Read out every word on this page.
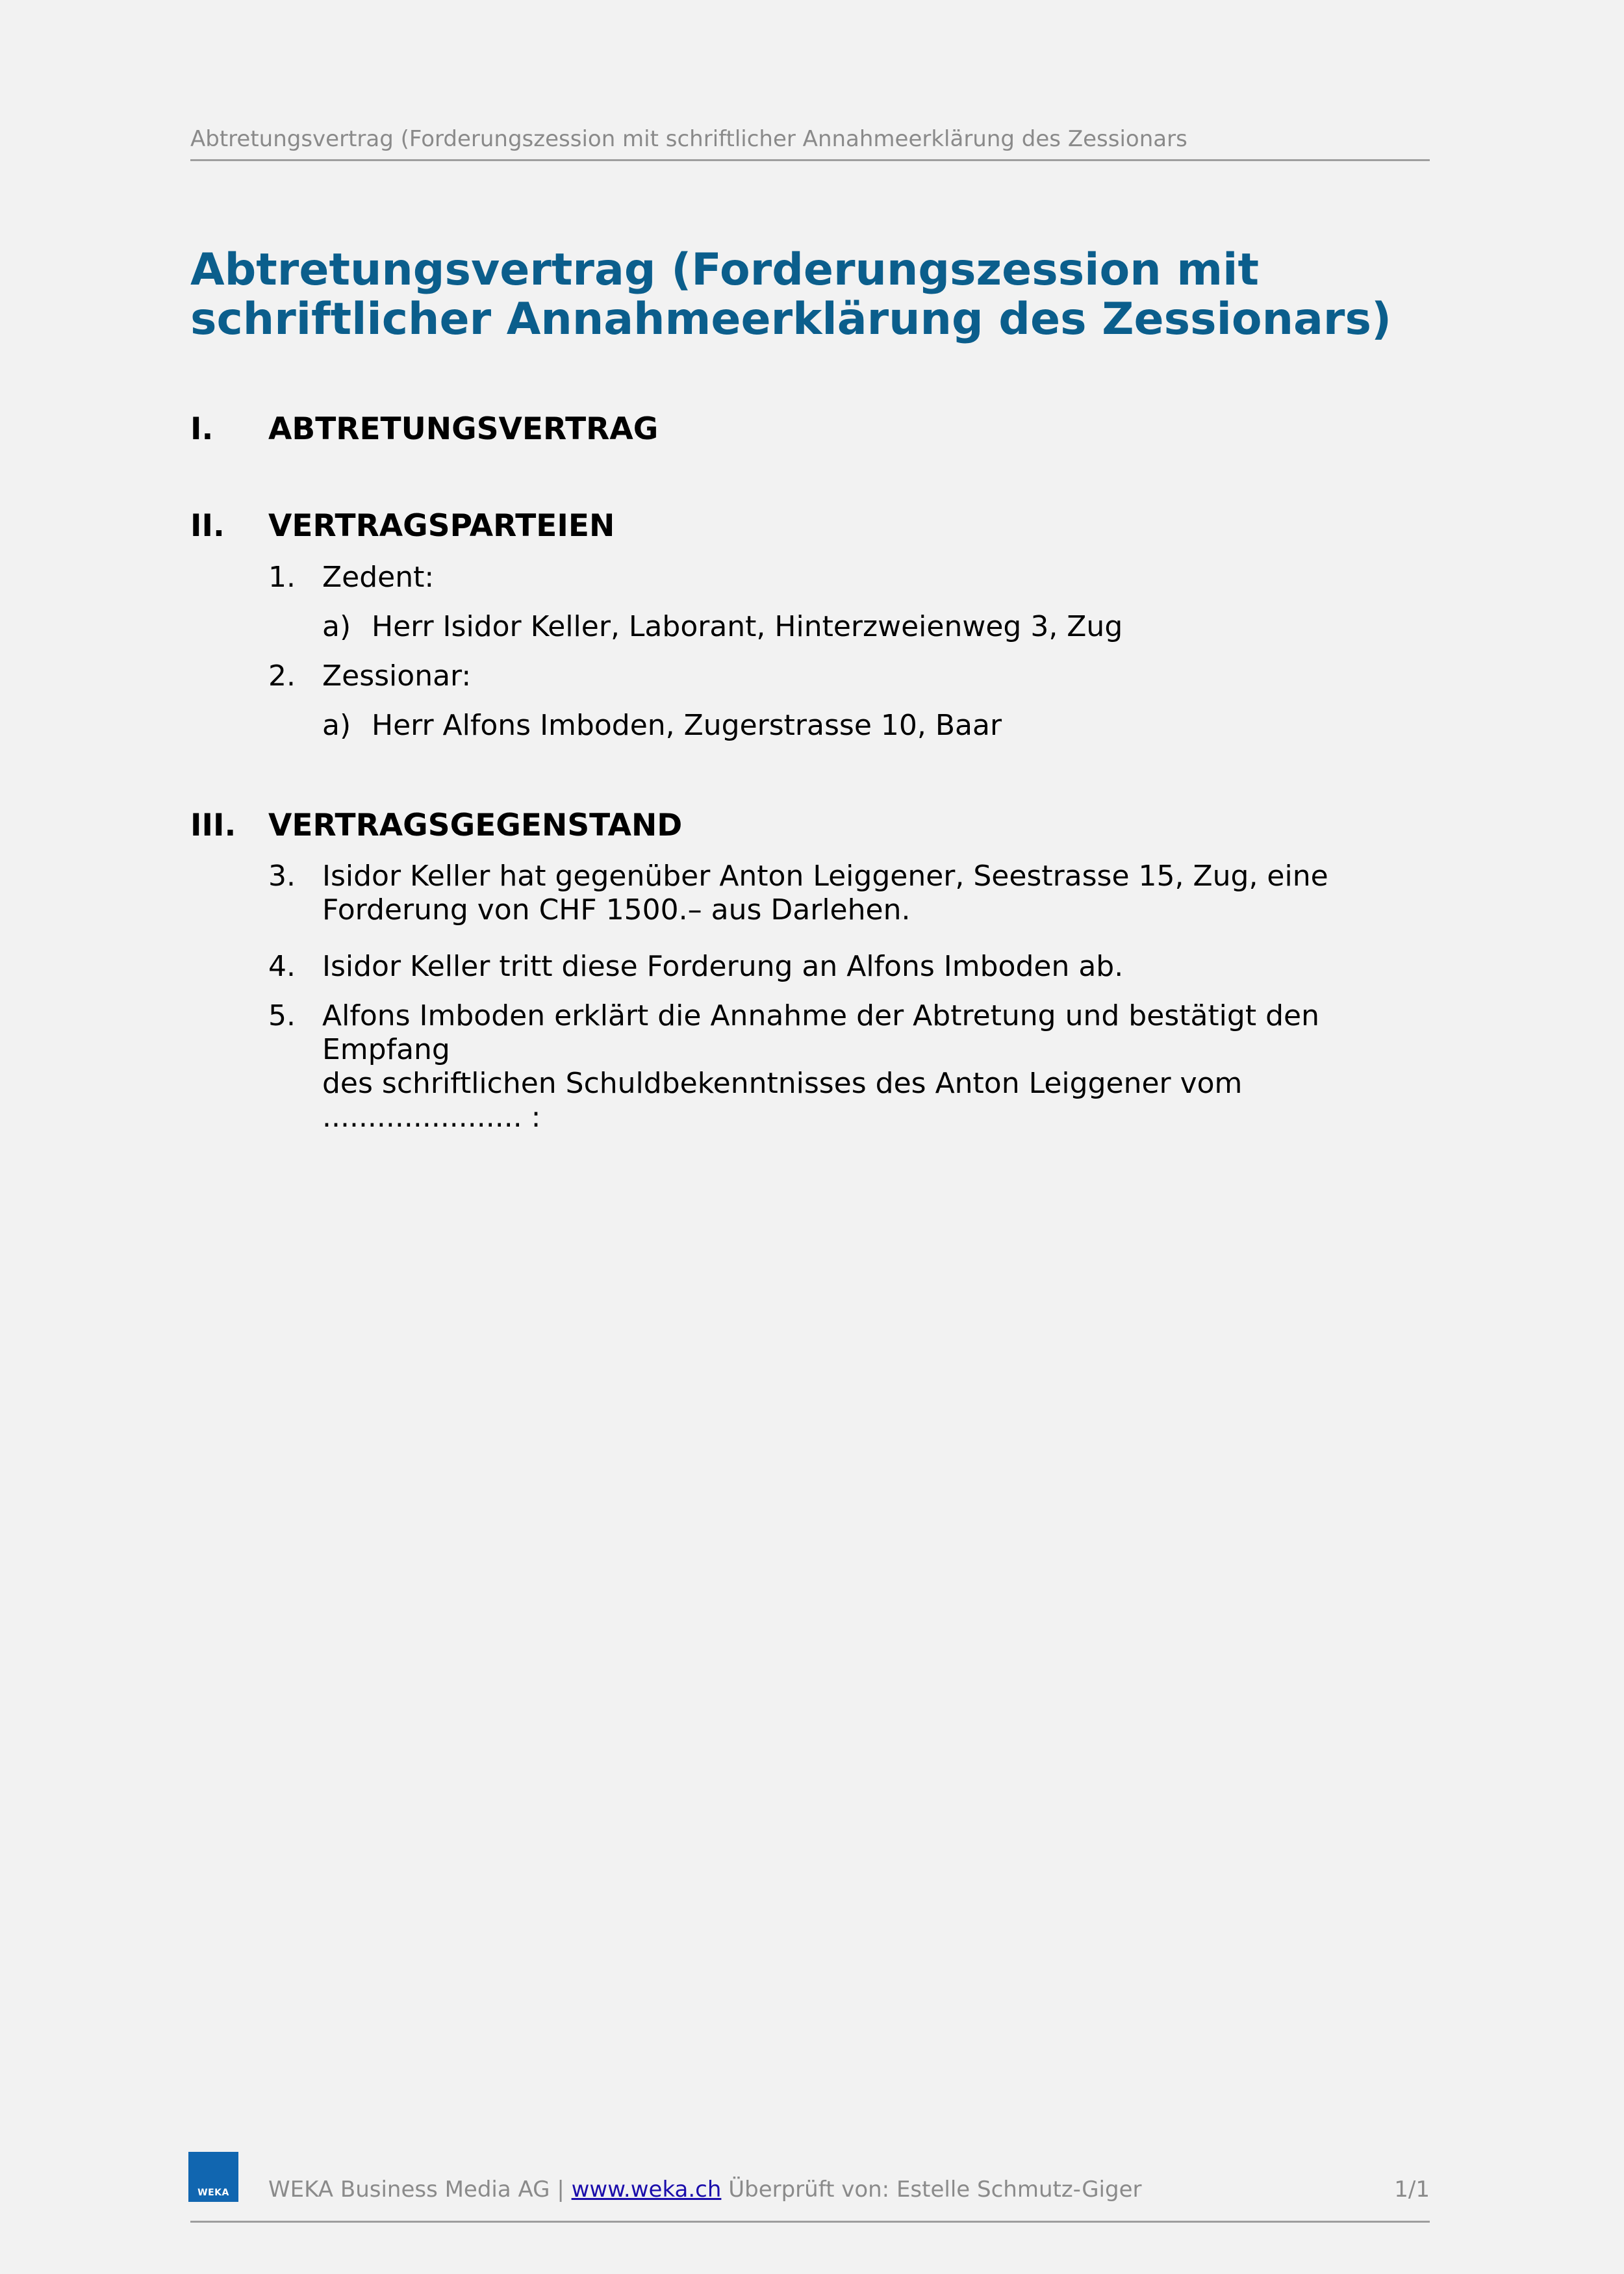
Abtretungsvertrag (Forderungszession mit schriftlicher Annahmeerklärung des Zessionars
Abtretungsvertrag (Forderungszession mit
schriftlicher Annahmeerklärung des Zessionars)
I. ABTRETUNGSVERTRAG
II. VERTRAGSPARTEIEN
1. Zedent:
a) Herr Isidor Keller, Laborant, Hinterzweienweg 3, Zug
2. Zessionar:
a) Herr Alfons Imboden, Zugerstrasse 10, Baar
III. VERTRAGSGEGENSTAND
3. Isidor Keller hat gegenüber Anton Leiggener, Seestrasse 15, Zug, eine
Forderung von CHF 1500.– aus Darlehen.
4. Isidor Keller tritt diese Forderung an Alfons Imboden ab.
5. Alfons Imboden erklärt die Annahme der Abtretung und bestätigt den Empfang
des schriftlichen Schuldbekenntnisses des Anton Leiggener vom
...................... :
WEKA	WEKA Business Media AG | www.weka.ch Überprüft von: Estelle Schmutz-Giger	1/1
